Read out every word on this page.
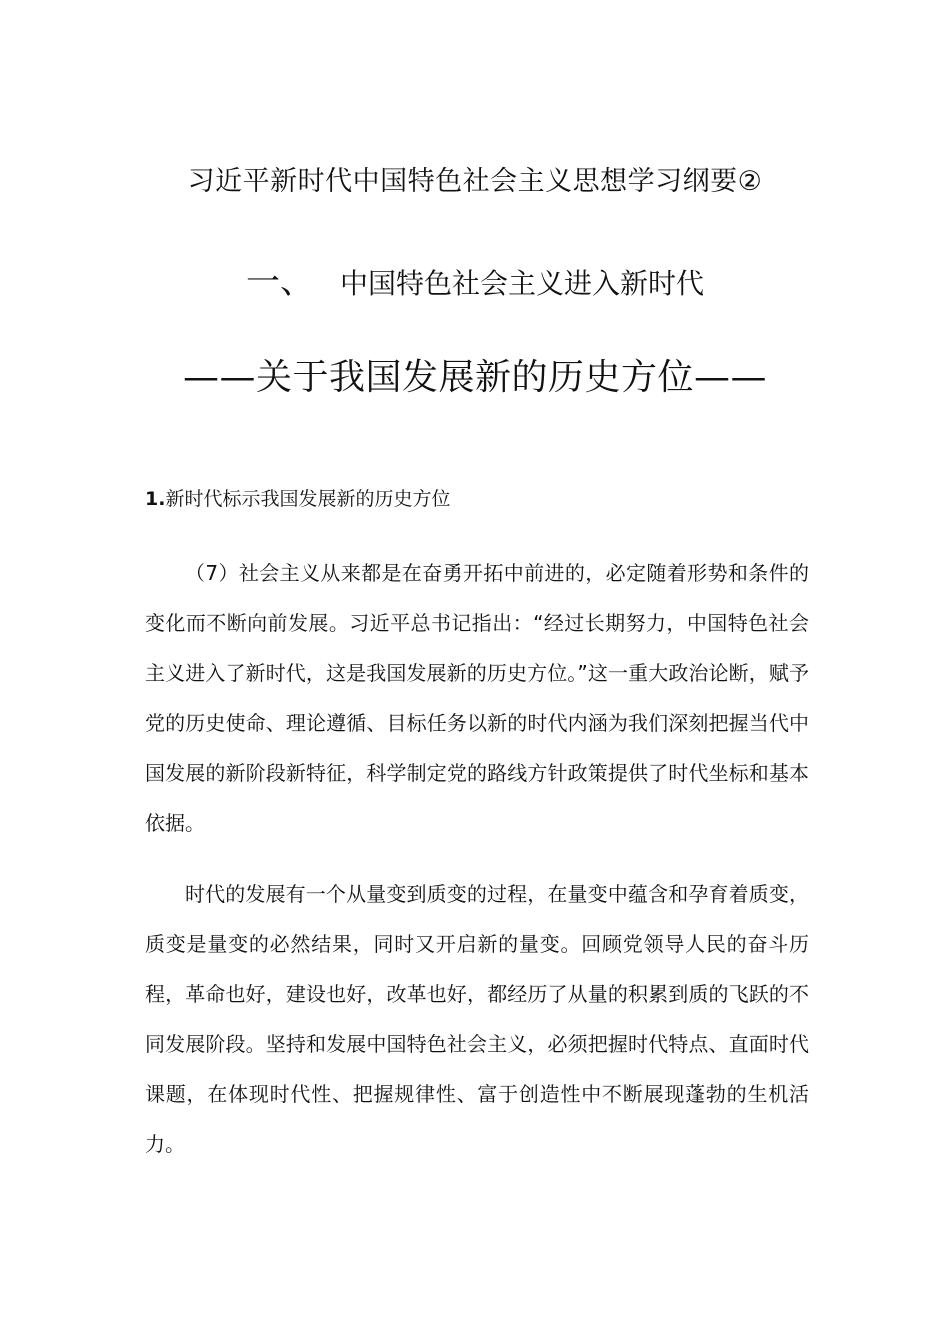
习近平新时代中国特色社会主义思想学习纲要②
一、 中国特色社会主义进入新时代
——关于我国发展新的历史方位——
1.新时代标示我国发展新的历史方位

（7）社会主义从来都是在奋勇开拓中前进的，必定随着形势和条件的变化而不断向前发展。习近平总书记指出：“经过长期努力，中国特色社会主义进入了新时代，这是我国发展新的历史方位。”这一重大政治论断，赋予党的历史使命、理论遵循、目标任务以新的时代内涵为我们深刻把握当代中国发展的新阶段新特征，科学制定党的路线方针政策提供了时代坐标和基本依据。

时代的发展有一个从量变到质变的过程，在量变中蕴含和孕育着质变，质变是量变的必然结果，同时又开启新的量变。回顾党领导人民的奋斗历程，革命也好，建设也好，改革也好，都经历了从量的积累到质的飞跃的不同发展阶段。坚持和发展中国特色社会主义，必须把握时代特点、直面时代课题，在体现时代性、把握规律性、富于创造性中不断展现蓬勃的生机活力。
